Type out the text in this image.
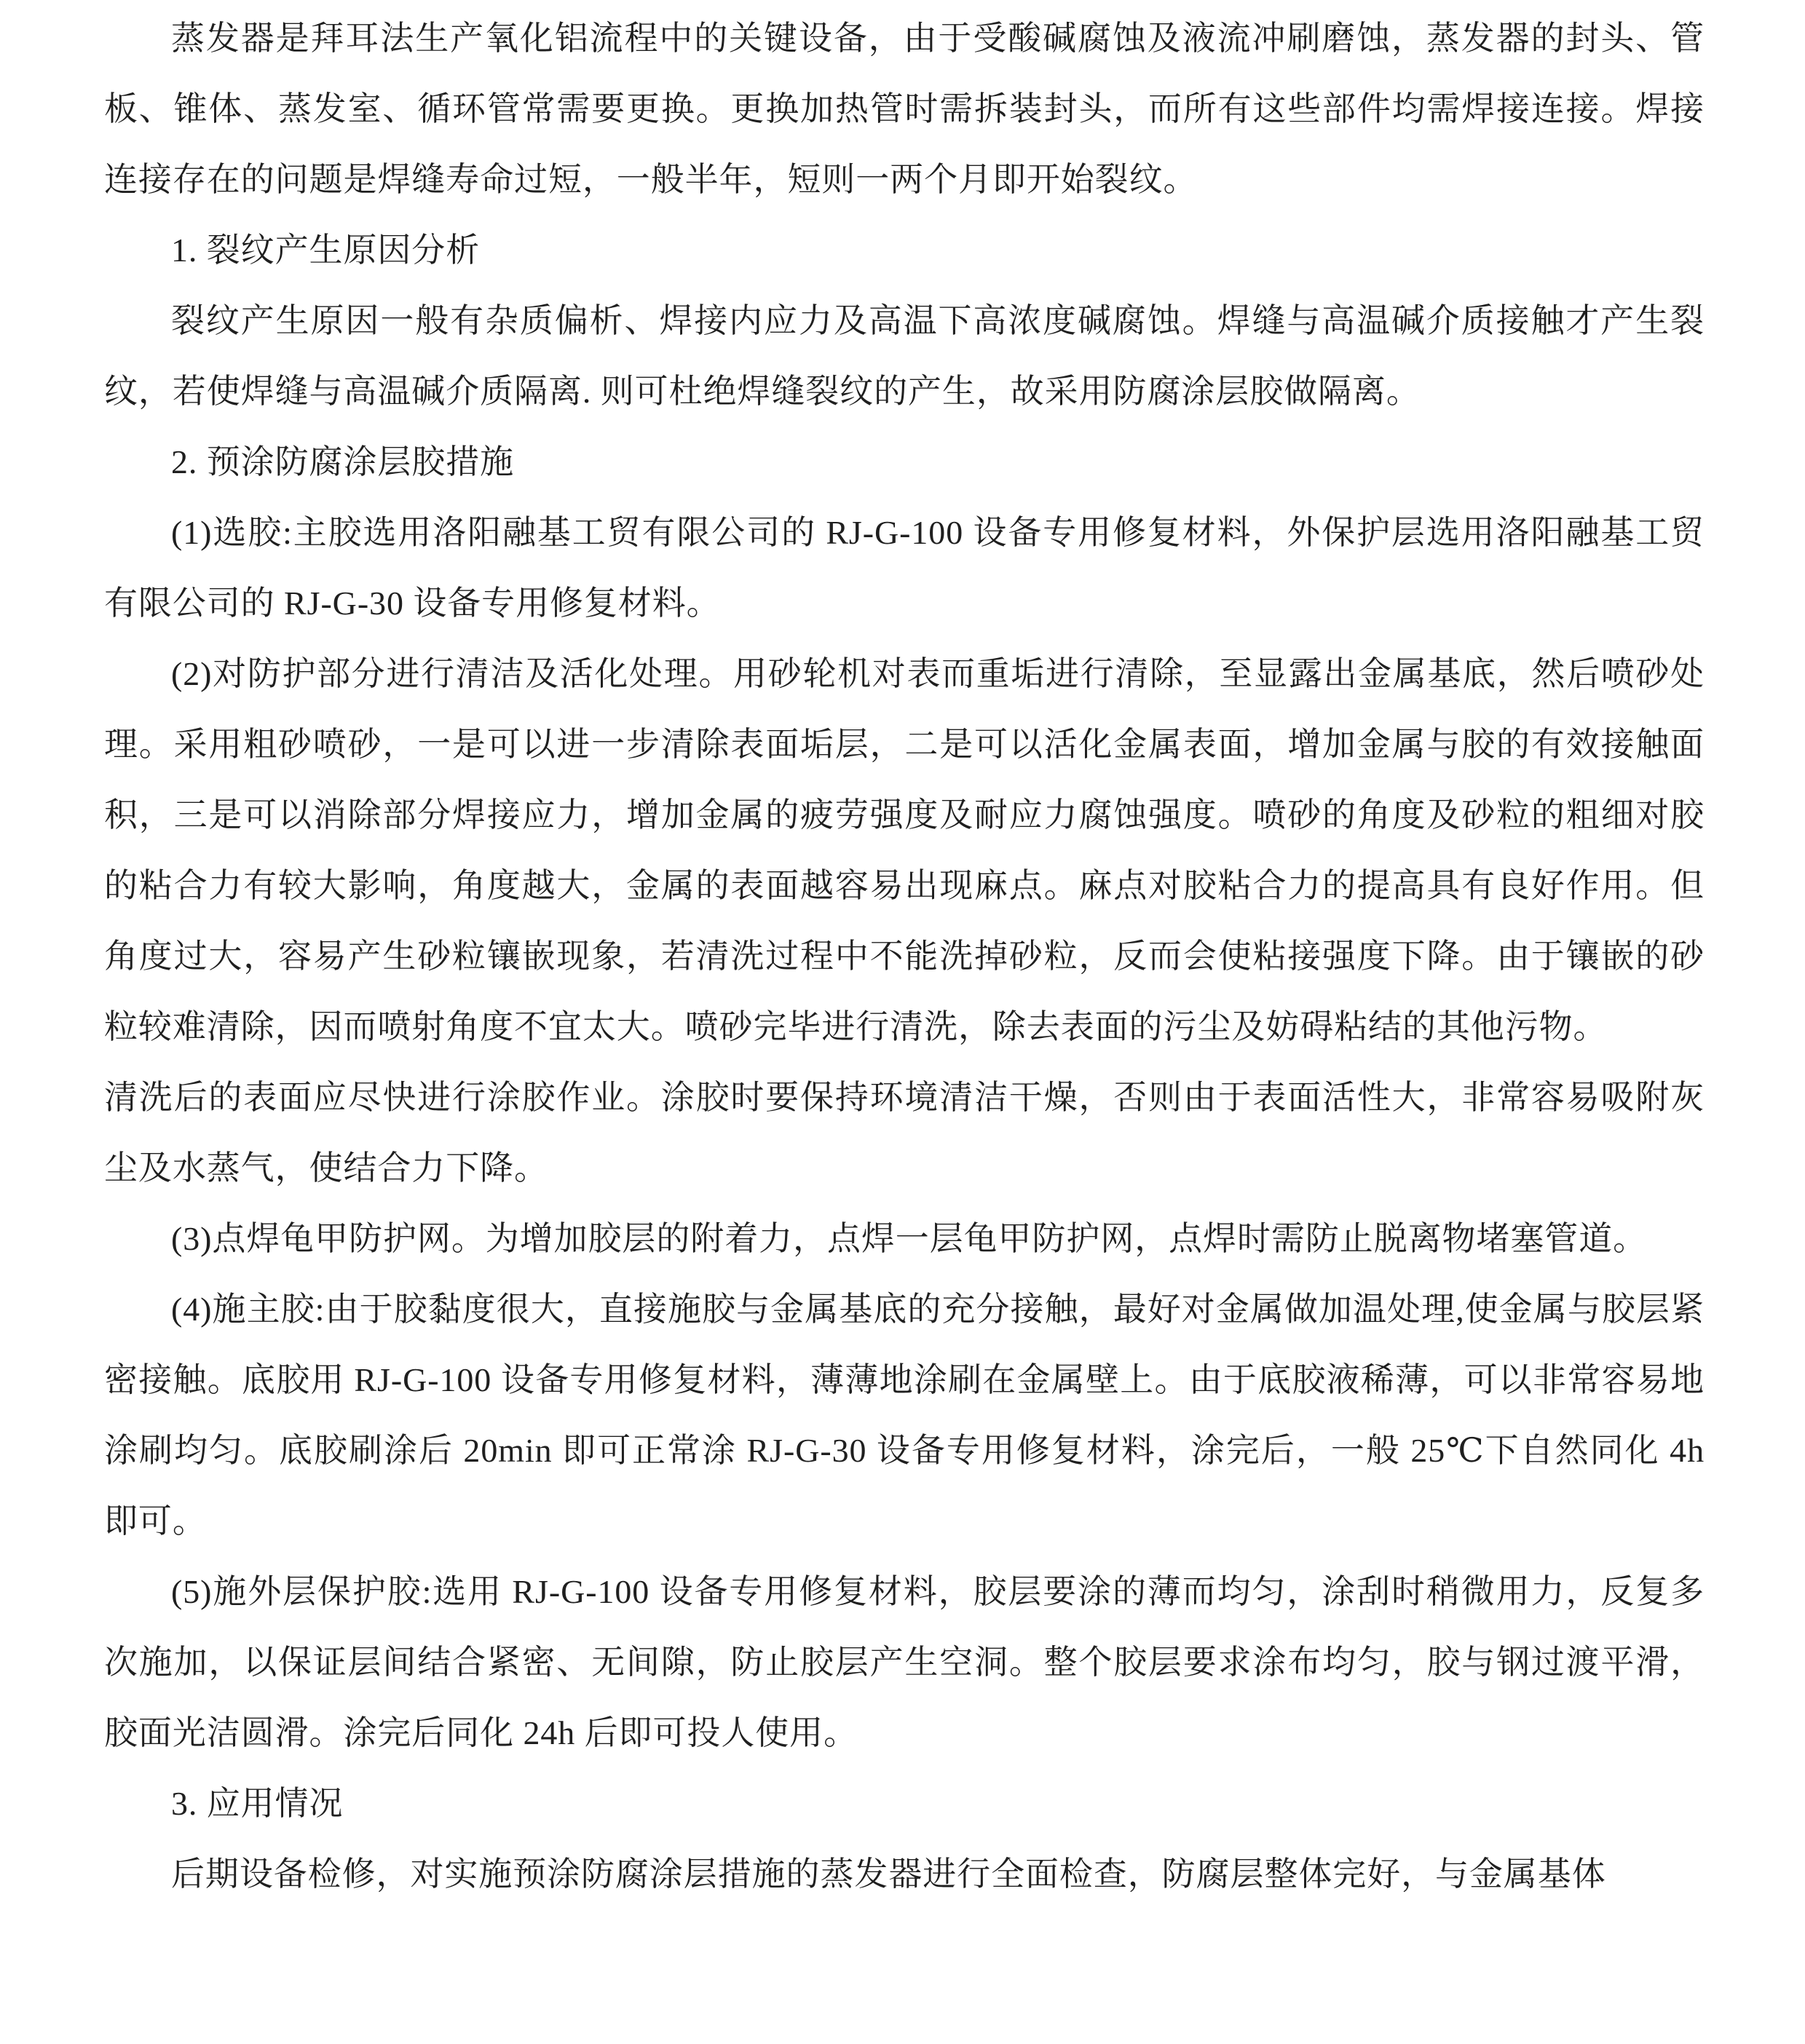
蒸发器是拜耳法生产氧化铝流程中的关键设备，由于受酸碱腐蚀及液流冲刷磨蚀，蒸发器的封头、管板、锥体、蒸发室、循环管常需要更换。更换加热管时需拆装封头，而所有这些部件均需焊接连接。焊接连接存在的问题是焊缝寿命过短，一般半年，短则一两个月即开始裂纹。

1. 裂纹产生原因分析

裂纹产生原因一般有杂质偏析、焊接内应力及高温下高浓度碱腐蚀。焊缝与高温碱介质接触才产生裂纹，若使焊缝与高温碱介质隔离. 则可杜绝焊缝裂纹的产生，故采用防腐涂层胶做隔离。

2. 预涂防腐涂层胶措施

(1)选胶:主胶选用洛阳融基工贸有限公司的 RJ-G-100 设备专用修复材料，外保护层选用洛阳融基工贸有限公司的 RJ-G-30 设备专用修复材料。

(2)对防护部分进行清洁及活化处理。用砂轮机对表而重垢进行清除，至显露出金属基底，然后喷砂处理。采用粗砂喷砂，一是可以进一步清除表面垢层，二是可以活化金属表面，增加金属与胶的有效接触面积，三是可以消除部分焊接应力，增加金属的疲劳强度及耐应力腐蚀强度。喷砂的角度及砂粒的粗细对胶的粘合力有较大影响，角度越大，金属的表面越容易出现麻点。麻点对胶粘合力的提高具有良好作用。但角度过大，容易产生砂粒镶嵌现象，若清洗过程中不能洗掉砂粒，反而会使粘接强度下降。由于镶嵌的砂粒较难清除，因而喷射角度不宜太大。喷砂完毕进行清洗，除去表面的污尘及妨碍粘结的其他污物。

清洗后的表面应尽快进行涂胶作业。涂胶时要保持环境清洁干燥，否则由于表面活性大，非常容易吸附灰尘及水蒸气，使结合力下降。

(3)点焊龟甲防护网。为增加胶层的附着力，点焊一层龟甲防护网，点焊时需防止脱离物堵塞管道。

(4)施主胶:由于胶黏度很大，直接施胶与金属基底的充分接触，最好对金属做加温处理,使金属与胶层紧密接触。底胶用 RJ-G-100 设备专用修复材料，薄薄地涂刷在金属壁上。由于底胶液稀薄，可以非常容易地涂刷均匀。底胶刷涂后 20min 即可正常涂 RJ-G-30 设备专用修复材料，涂完后，一般 25℃下自然同化 4h 即可。

(5)施外层保护胶:选用 RJ-G-100 设备专用修复材料，胶层要涂的薄而均匀，涂刮时稍微用力，反复多次施加，以保证层间结合紧密、无间隙，防止胶层产生空洞。整个胶层要求涂布均匀，胶与钢过渡平滑，胶面光洁圆滑。涂完后同化 24h 后即可投人使用。

3. 应用情况

后期设备检修，对实施预涂防腐涂层措施的蒸发器进行全面检查，防腐层整体完好，与金属基体
